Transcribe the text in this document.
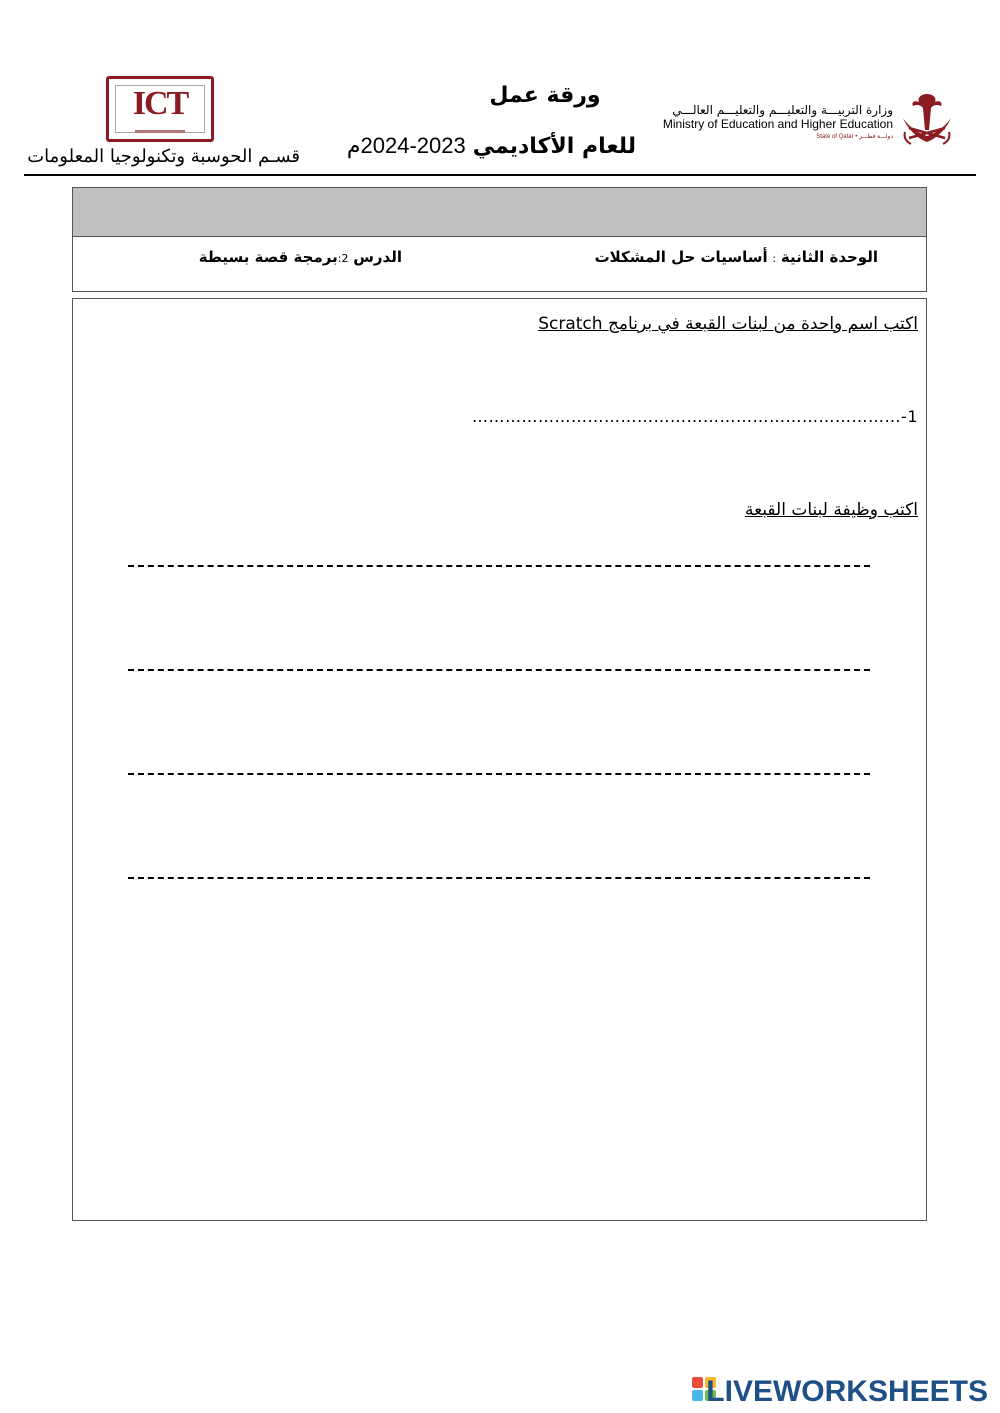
ICT
قسـم الحوسبة وتكنولوجيا المعلومات
ورقة عمل
للعام الأكاديمي 2023-2024م
وزارة التربيـــة والتعليـــم والتعليـــم العالـــي
Ministry of Education and Higher Education
State of Qatar • دولـــة قطـــر
الوحدة الثانية : أساسيات حل المشكلات
الدرس 2:برمجة قصة بسيطة
اكتب اسم واحدة من لبنات القبعة في برنامج Scratch
……………………………………………………………………-1
اكتب وظيفة لبنات القبعة
LIVEWORKSHEETS
